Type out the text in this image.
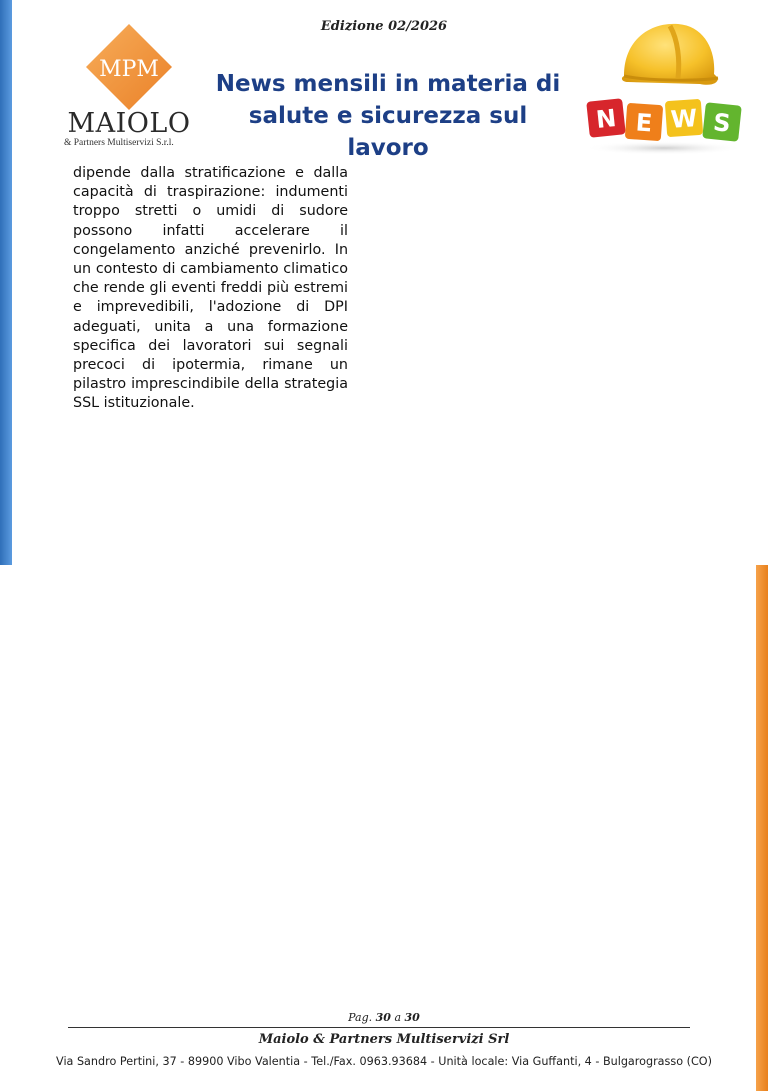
Edizione 02/2026
MPM
MAIOLO
& Partners Multiservizi S.r.l.
News mensili in materia di
salute e sicurezza sul lavoro
N E W S
dipende dalla stratificazione e dalla capacità di traspirazione: indumenti troppo stretti o umidi di sudore possono infatti accelerare il congelamento anziché prevenirlo. In un contesto di cambiamento climatico che rende gli eventi freddi più estremi e imprevedibili, l'adozione di DPI adeguati, unita a una formazione specifica dei lavoratori sui segnali precoci di ipotermia, rimane un pilastro imprescindibile della strategia SSL istituzionale.
Pag. 30 a 30
Maiolo & Partners Multiservizi Srl
Via Sandro Pertini, 37 - 89900 Vibo Valentia - Tel./Fax. 0963.93684 - Unità locale: Via Guffanti, 4 - Bulgarograsso (CO)
